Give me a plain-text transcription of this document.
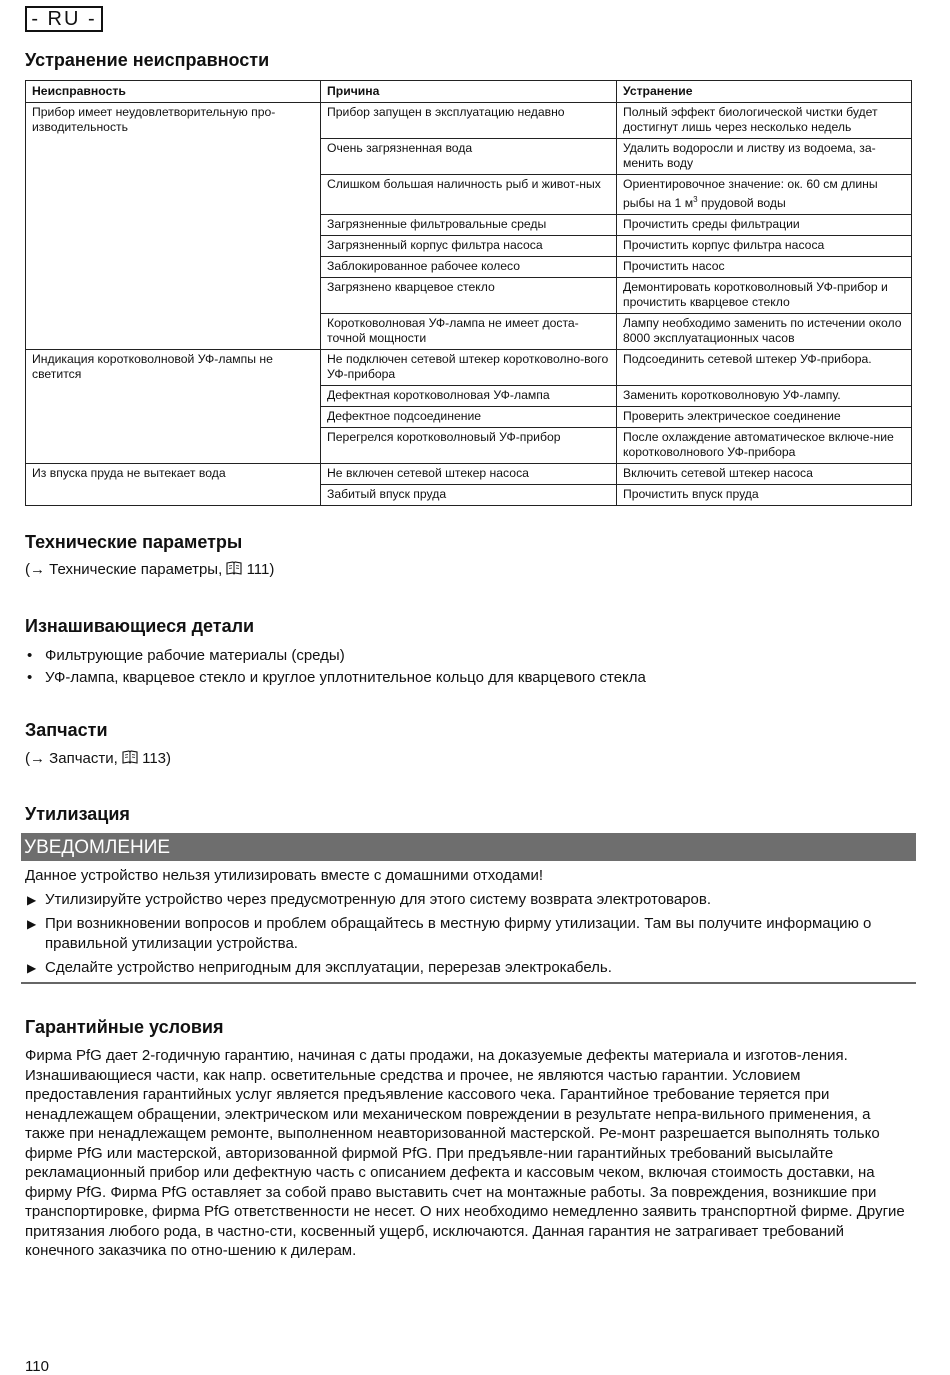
- RU -
Устранение неисправности
Неисправность	Причина	Устранение
Прибор имеет неудовлетворительную про-изводительность	Прибор запущен в эксплуатацию недавно	Полный эффект биологической чистки будет достигнут лишь через несколько недель
	Очень загрязненная вода	Удалить водоросли и листву из водоема, за-менить воду
	Слишком большая наличность рыб и живот-ных	Ориентировочное значение: ок. 60 см длины рыбы на 1 $м^3$ прудовой воды
	Загрязненные фильтровальные среды	Прочистить среды фильтрации
	Загрязненный корпус фильтра насоса	Прочистить корпус фильтра насоса
	Заблокированное рабочее колесо	Прочистить насос
	Загрязнено кварцевое стекло	Демонтировать коротковолновый УФ-прибор и прочистить кварцевое стекло
	Коротковолновая УФ-лампа не имеет доста-точной мощности	Лампу необходимо заменить по истечении около 8000 эксплуатационных часов
Индикация коротковолновой УФ-лампы не светится	Не подключен сетевой штекер коротковолно-вого УФ-прибора	Подсоединить сетевой штекер УФ-прибора.
	Дефектная коротковолновая УФ-лампа	Заменить коротковолновую УФ-лампу.
	Дефектное подсоединение	Проверить электрическое соединение
	Перегрелся коротковолновый УФ-прибор	После охлаждение автоматическое включе-ние коротковолнового УФ-прибора
Из впуска пруда не вытекает вода	Не включен сетевой штекер насоса	Включить сетевой штекер насоса
	Забитый впуск пруда	Прочистить впуск пруда
Технические параметры

(→ Технические параметры,  111)

Изнашивающиеся детали
• Фильтрующие рабочие материалы (среды)
• УФ-лампа, кварцевое стекло и круглое уплотнительное кольцо для кварцевого стекла
Запчасти

(→ Запчасти,  113)

Утилизация
УВЕДОМЛЕНИЕ

Данное устройство нельзя утилизировать вместе с домашними отходами!

▶ Утилизируйте устройство через предусмотренную для этого систему возврата электротоваров.
▶ При возникновении вопросов и проблем обращайтесь в местную фирму утилизации. Там вы получите информацию о правильной утилизации устройства.
▶ Сделайте устройство непригодным для эксплуатации, перерезав электрокабель.
Гарантийные условия

Фирма PfG дает 2-годичную гарантию, начиная с даты продажи, на доказуемые дефекты материала и изготов-ления. Изнашивающиеся части, как напр. осветительные средства и прочее, не являются частью гарантии. Условием предоставления гарантийных услуг является предъявление кассового чека. Гарантийное требование теряется при ненадлежащем обращении, электрическом или механическом повреждении в результате непра-вильного применения, а также при ненадлежащем ремонте, выполненном неавторизованной мастерской. Ре-монт разрешается выполнять только фирме PfG или мастерской, авторизованной фирмой PfG. При предъявле-нии гарантийных требований высылайте рекламационный прибор или дефектную часть с описанием дефекта и кассовым чеком, включая стоимость доставки, на фирму PfG. Фирма PfG оставляет за собой право выставить счет на монтажные работы. За повреждения, возникшие при транспортировке, фирма PfG ответственности не несет. О них необходимо немедленно заявить транспортной фирме. Другие притязания любого рода, в частно-сти, косвенный ущерб, исключаются. Данная гарантия не затрагивает требований конечного заказчика по отно-шению к дилерам.

110
